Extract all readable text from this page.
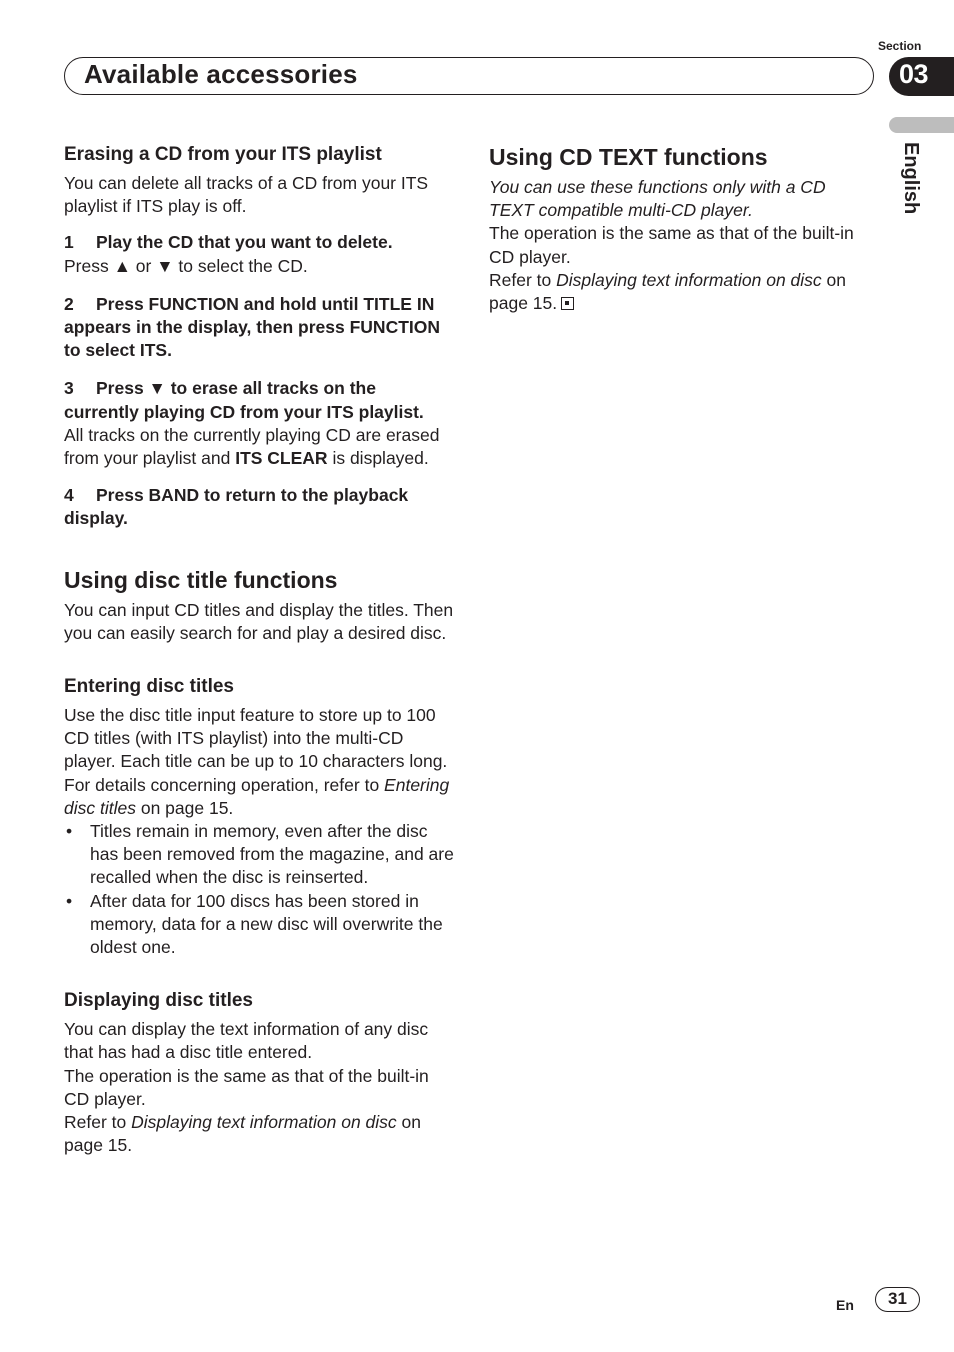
Section
03
Available accessories
English
Erasing a CD from your ITS playlist

You can delete all tracks of a CD from your ITS playlist if ITS play is off.

1 Play the CD that you want to delete.

Press ▲ or ▼ to select the CD.

2 Press FUNCTION and hold until TITLE IN appears in the display, then press FUNCTION to select ITS.

3 Press ▼ to erase all tracks on the currently playing CD from your ITS playlist.

All tracks on the currently playing CD are erased from your playlist and ITS CLEAR is displayed.

4 Press BAND to return to the playback display.

Using disc title functions

You can input CD titles and display the titles. Then you can easily search for and play a desired disc.

Entering disc titles

Use the disc title input feature to store up to 100 CD titles (with ITS playlist) into the multi-CD player. Each title can be up to 10 characters long.

For details concerning operation, refer to Entering disc titles on page 15.

• Titles remain in memory, even after the disc has been removed from the magazine, and are recalled when the disc is reinserted.
• After data for 100 discs has been stored in memory, data for a new disc will overwrite the oldest one.
Displaying disc titles

You can display the text information of any disc that has had a disc title entered.

The operation is the same as that of the built-in CD player.

Refer to Displaying text information on disc on page 15.

Using CD TEXT functions

You can use these functions only with a CD TEXT compatible multi-CD player.

The operation is the same as that of the built-in CD player.

Refer to Displaying text information on disc on page 15.

En	31
